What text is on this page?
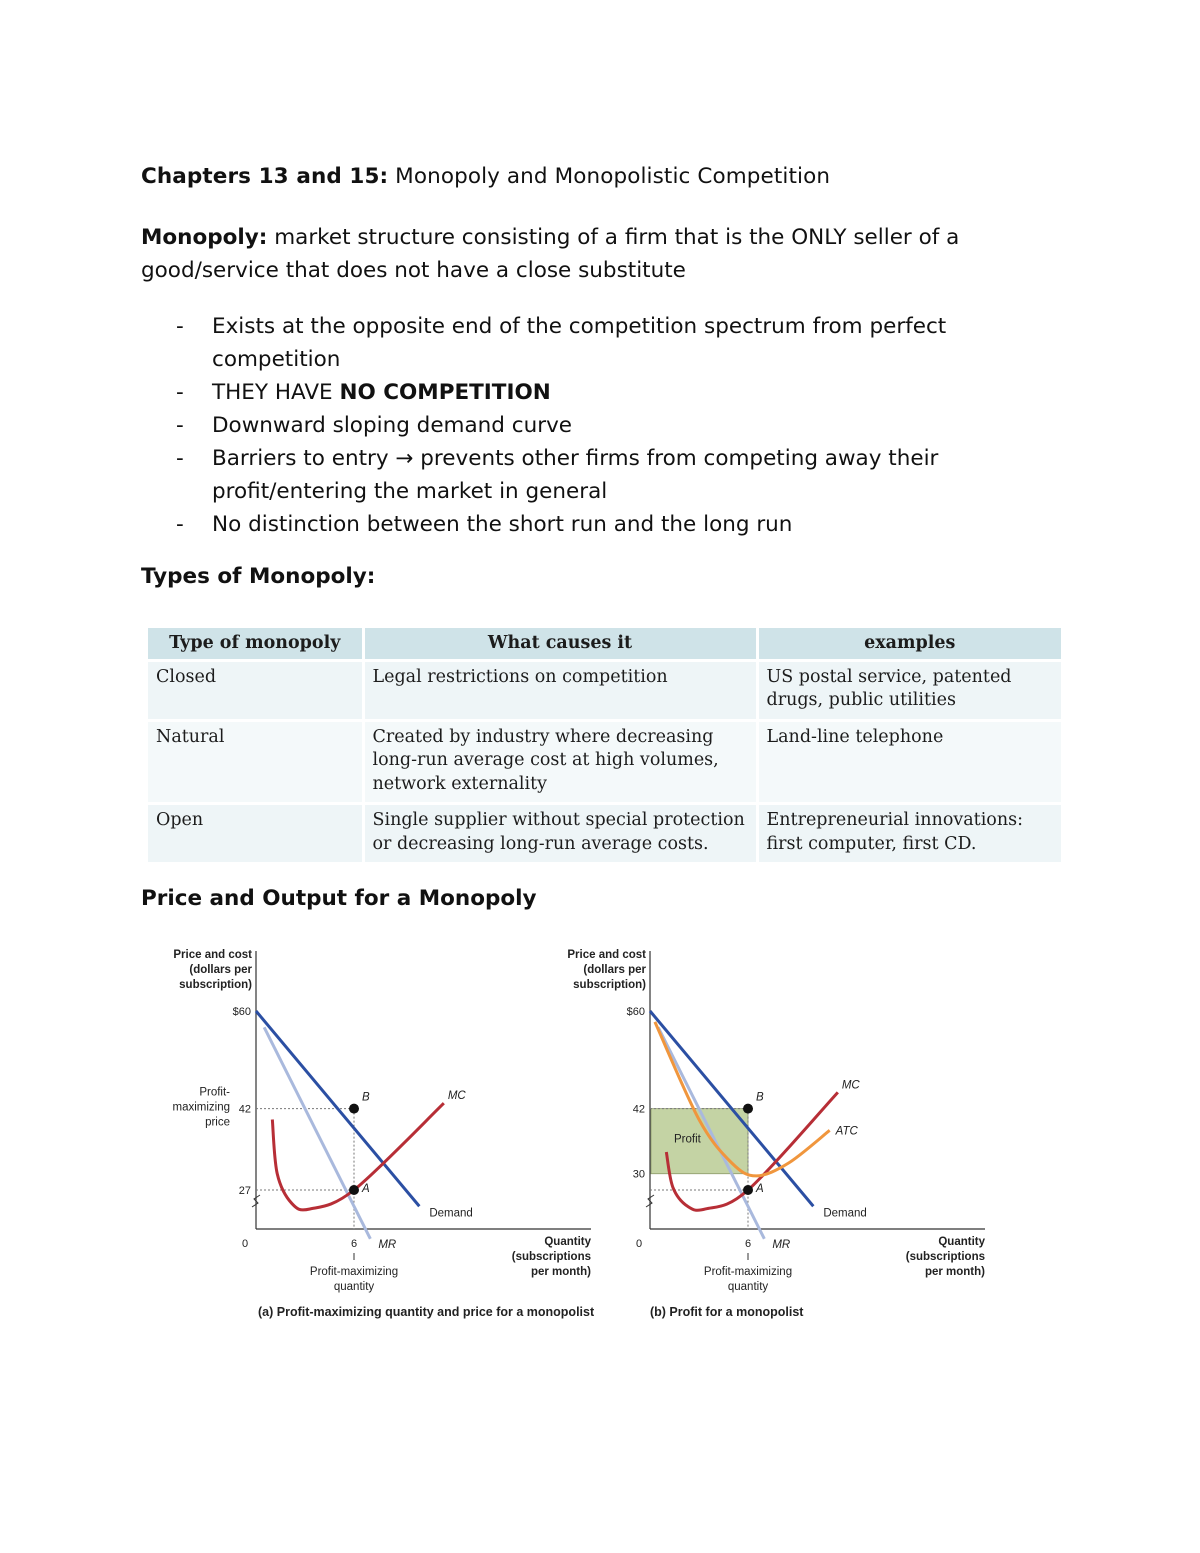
Chapters 13 and 15: Monopoly and Monopolistic Competition
Monopoly: market structure consisting of a firm that is the ONLY seller of a good/service that does not have a close substitute
- Exists at the opposite end of the competition spectrum from perfect competition
- THEY HAVE NO COMPETITION
- Downward sloping demand curve
- Barriers to entry → prevents other firms from competing away their profit/entering the market in general
- No distinction between the short run and the long run
Types of Monopoly:
Type of monopoly	What causes it	examples
Closed	Legal restrictions on competition	US postal service, patented drugs, public utilities
Natural	Created by industry where decreasing long-run average cost at high volumes, network externality	Land-line telephone
Open	Single supplier without special protection or decreasing long-run average costs.	Entrepreneurial innovations: first computer, first CD.
Price and Output for a Monopoly
Price and cost
(dollars per
subscription)
Quantity
(subscriptions
per month)
$60
42
27
0	6
Profit-
maximizing
price
Profit-maximizing
quantity
Demand
MR
MC
B
A
(a) Profit-maximizing quantity and price for a monopolist
Profit
Price and cost
(dollars per
subscription)
Quantity
(subscriptions
per month)
$60
42
30
0	6
Profit-maximizing
quantity
Demand
MR
MC
ATC
B
A
(b) Profit for a monopolist
